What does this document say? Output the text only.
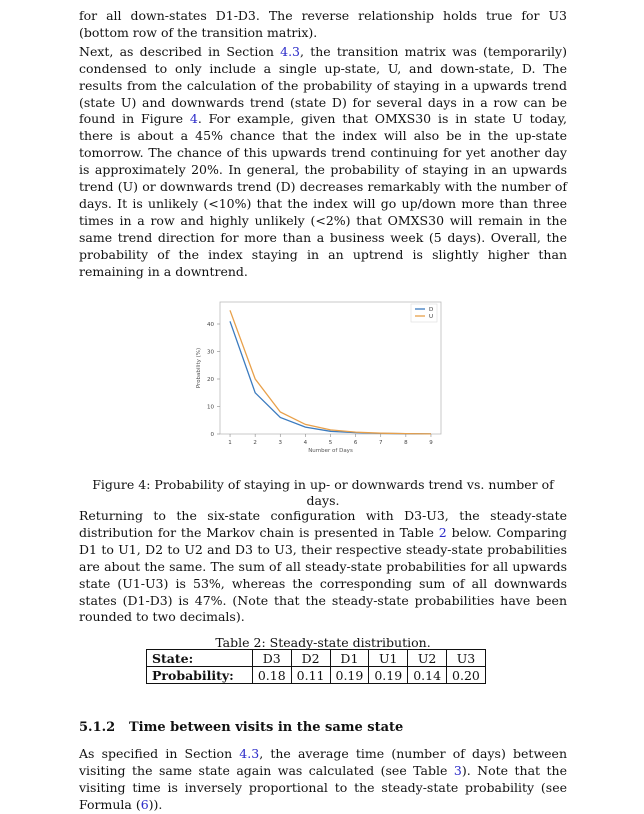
for all down-states D1-D3. The reverse relationship holds true for U3 (bottom row of the transition matrix).

Next, as described in Section 4.3, the transition matrix was (temporarily) condensed to only include a single up-state, U, and down-state, D. The results from the calculation of the probability of staying in a upwards trend (state U) and downwards trend (state D) for several days in a row can be found in Figure 4. For example, given that OMXS30 is in state U today, there is about a 45% chance that the index will also be in the up-state tomorrow. The chance of this upwards trend continuing for yet another day is approximately 20%. In general, the probability of staying in an upwards trend (U) or downwards trend (D) decreases remarkably with the number of days. It is unlikely (<10%) that the index will go up/down more than three times in a row and highly unlikely (<2%) that OMXS30 will remain in the same trend direction for more than a business week (5 days). Overall, the probability of the index staying in an uptrend is slightly higher than remaining in a downtrend.

0
10
20
30
40
1	2	3	4	5	6	7	8	9
Number of Days
Probability (%)
D
U
Figure 4: Probability of staying in up- or downwards trend vs. number of days.

Returning to the six-state configuration with D3-U3, the steady-state distribution for the Markov chain is presented in Table 2 below. Comparing D1 to U1, D2 to U2 and D3 to U3, their respective steady-state probabilities are about the same. The sum of all steady-state probabilities for all upwards state (U1-U3) is 53%, whereas the corresponding sum of all downwards states (D1-D3) is 47%. (Note that the steady-state probabilities have been rounded to two decimals).

Table 2: Steady-state distribution.
State:	D3	D2	D1	U1	U2	U3
Probability:	0.18	0.11	0.19	0.19	0.14	0.20
5.1.2 Time between visits in the same state

As specified in Section 4.3, the average time (number of days) between visiting the same state again was calculated (see Table 3). Note that the visiting time is inversely proportional to the steady-state probability (see Formula (6)).
